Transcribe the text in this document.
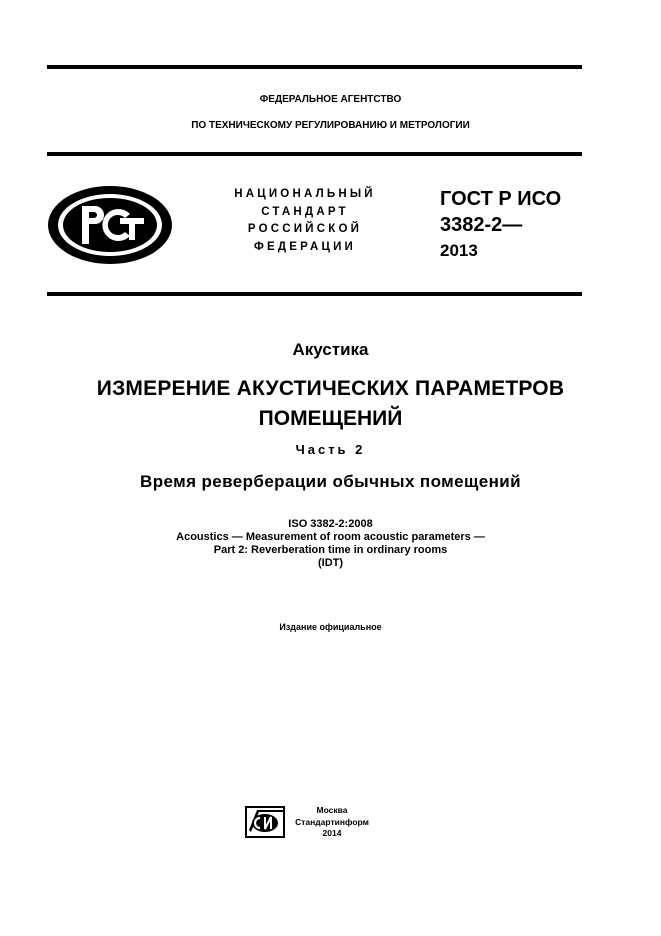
ФЕДЕРАЛЬНОЕ АГЕНТСТВО
ПО ТЕХНИЧЕСКОМУ РЕГУЛИРОВАНИЮ И МЕТРОЛОГИИ
НАЦИОНАЛЬНЫЙ
СТАНДАРТ
РОССИЙСКОЙ
ФЕДЕРАЦИИ
ГОСТ Р ИСО
3382-2—
2013
Акустика
ИЗМЕРЕНИЕ АКУСТИЧЕСКИХ ПАРАМЕТРОВ
ПОМЕЩЕНИЙ
Часть 2
Время реверберации обычных помещений
ISO 3382-2:2008
Acoustics — Measurement of room acoustic parameters —
Part 2: Reverberation time in ordinary rooms
(IDT)
Издание официальное
Москва
Стандартинформ
2014
